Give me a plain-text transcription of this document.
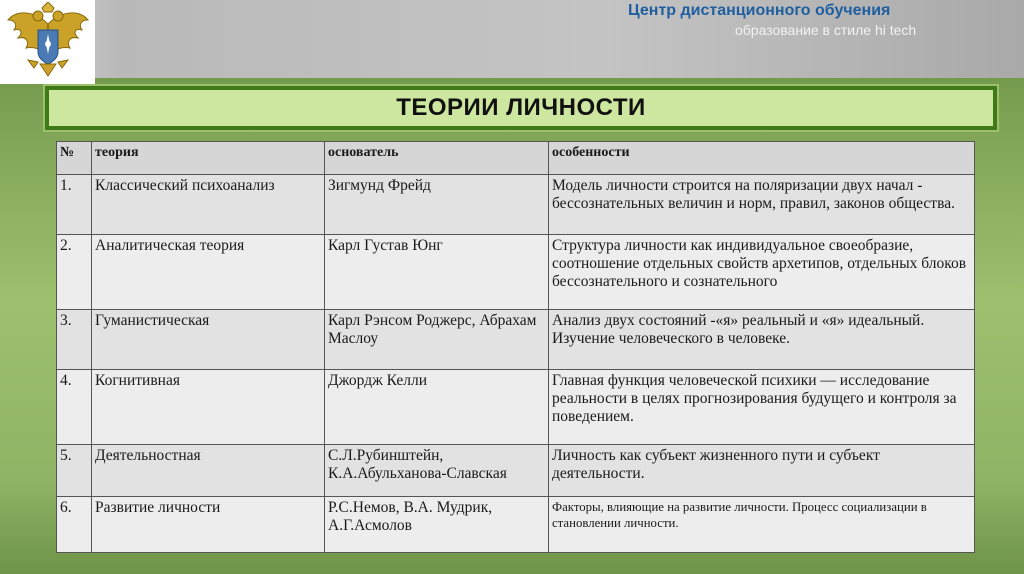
Центр дистанционного обучения
образование в стиле hi tech
ТЕОРИИ ЛИЧНОСТИ
№	теория	основатель	особенности
1.	Классический психоанализ	Зигмунд Фрейд	Модель личности строится на поляризации двух начал - бессознательных величин и норм, правил, законов общества.
2.	Аналитическая теория	Карл Густав Юнг	Структура личности как индивидуальное своеобразие, соотношение отдельных свойств архетипов, отдельных блоков бессознательного и сознательного
3.	Гуманистическая	Карл Рэнсом Роджерс, Абрахам Маслоу	Анализ двух состояний -«я» реальный и «я» идеальный. Изучение человеческого в человеке.
4.	Когнитивная	Джордж Келли	Главная функция человеческой психики — исследование реальности в целях прогнозирования будущего и контроля за поведением.
5.	Деятельностная	С.Л.Рубинштейн, К.А.Абульханова-Славская	Личность как субъект жизненного пути и субъект деятельности.
6.	Развитие личности	Р.С.Немов, В.А. Мудрик, А.Г.Асмолов	Факторы, влияющие на развитие личности. Процесс социализации в становлении личности.
